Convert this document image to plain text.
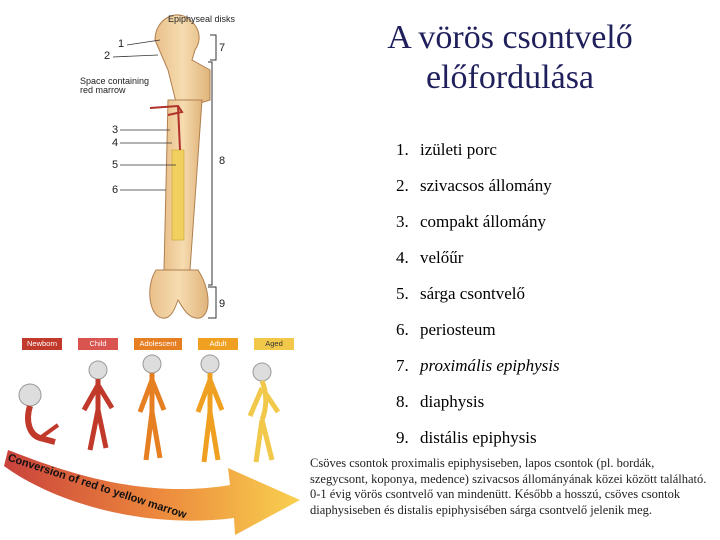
A vörös csontvelő előfordulása
1. izületi porc
2. szivacsos állomány
3. compakt állomány
4. velőűr
5. sárga csontvelő
6. periosteum
7. proximális epiphysis
8. diaphysis
9. distális epiphysis
Csöves csontok proximalis epiphysiseben, lapos csontok (pl. bordák, szegycsont, koponya, medence) szivacsos állományának közei között található. 0-1 évig vörös csontvelő van mindenütt. Később a hosszú, csöves csontok diaphysiseben és distalis epiphysisében sárga csontvelő jelenik meg.
Epiphyseal disks
Space containing
red marrow
1
2
3
4
5
6
7
8
9
Newborn	Child	Adolescent	Adult	Aged
Conversion of red to yellow marrow
